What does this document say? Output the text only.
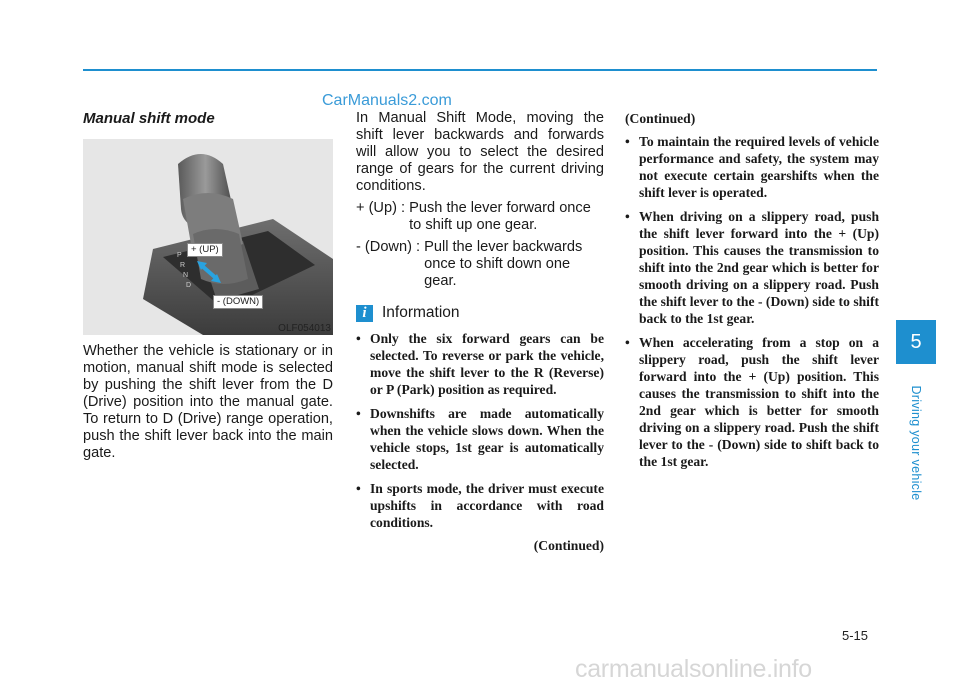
CarManuals2.com
Manual shift mode
P
R
N
D
+ (UP)
- (DOWN)
OLF054013

Whether the vehicle is stationary or in motion, manual shift mode is selected by pushing the shift lever from the D (Drive) position into the manual gate. To return to D (Drive) range operation, push the shift lever back into the main gate.

In Manual Shift Mode, moving the shift lever backwards and forwards will allow you to select the desired range of gears for the current driving conditions.

+ (Up) : Push the lever forward once to shift up one gear.
- (Down) : Pull the lever backwards once to shift down one gear.
i Information
• Only the six forward gears can be selected. To reverse or park the vehicle, move the shift lever to the R (Reverse) or P (Park) position as required.
• Downshifts are made automatically when the vehicle slows down. When the vehicle stops, 1st gear is automatically selected.
• In sports mode, the driver must execute upshifts in accordance with road conditions.

(Continued)

(Continued)

• To maintain the required levels of vehicle performance and safety, the system may not execute certain gearshifts when the shift lever is operated.
• When driving on a slippery road, push the shift lever forward into the + (Up) position. This causes the transmission to shift into the 2nd gear which is better for smooth driving on a slippery road. Push the shift lever to the - (Down) side to shift back to the 1st gear.
• When accelerating from a stop on a slippery road, push the shift lever forward into the + (Up) position. This causes the transmission to shift into the 2nd gear which is better for smooth driving on a slippery road. Push the shift lever to the - (Down) side to shift back to the 1st gear.
5
Driving your vehicle
5-15
carmanualsonline.info
